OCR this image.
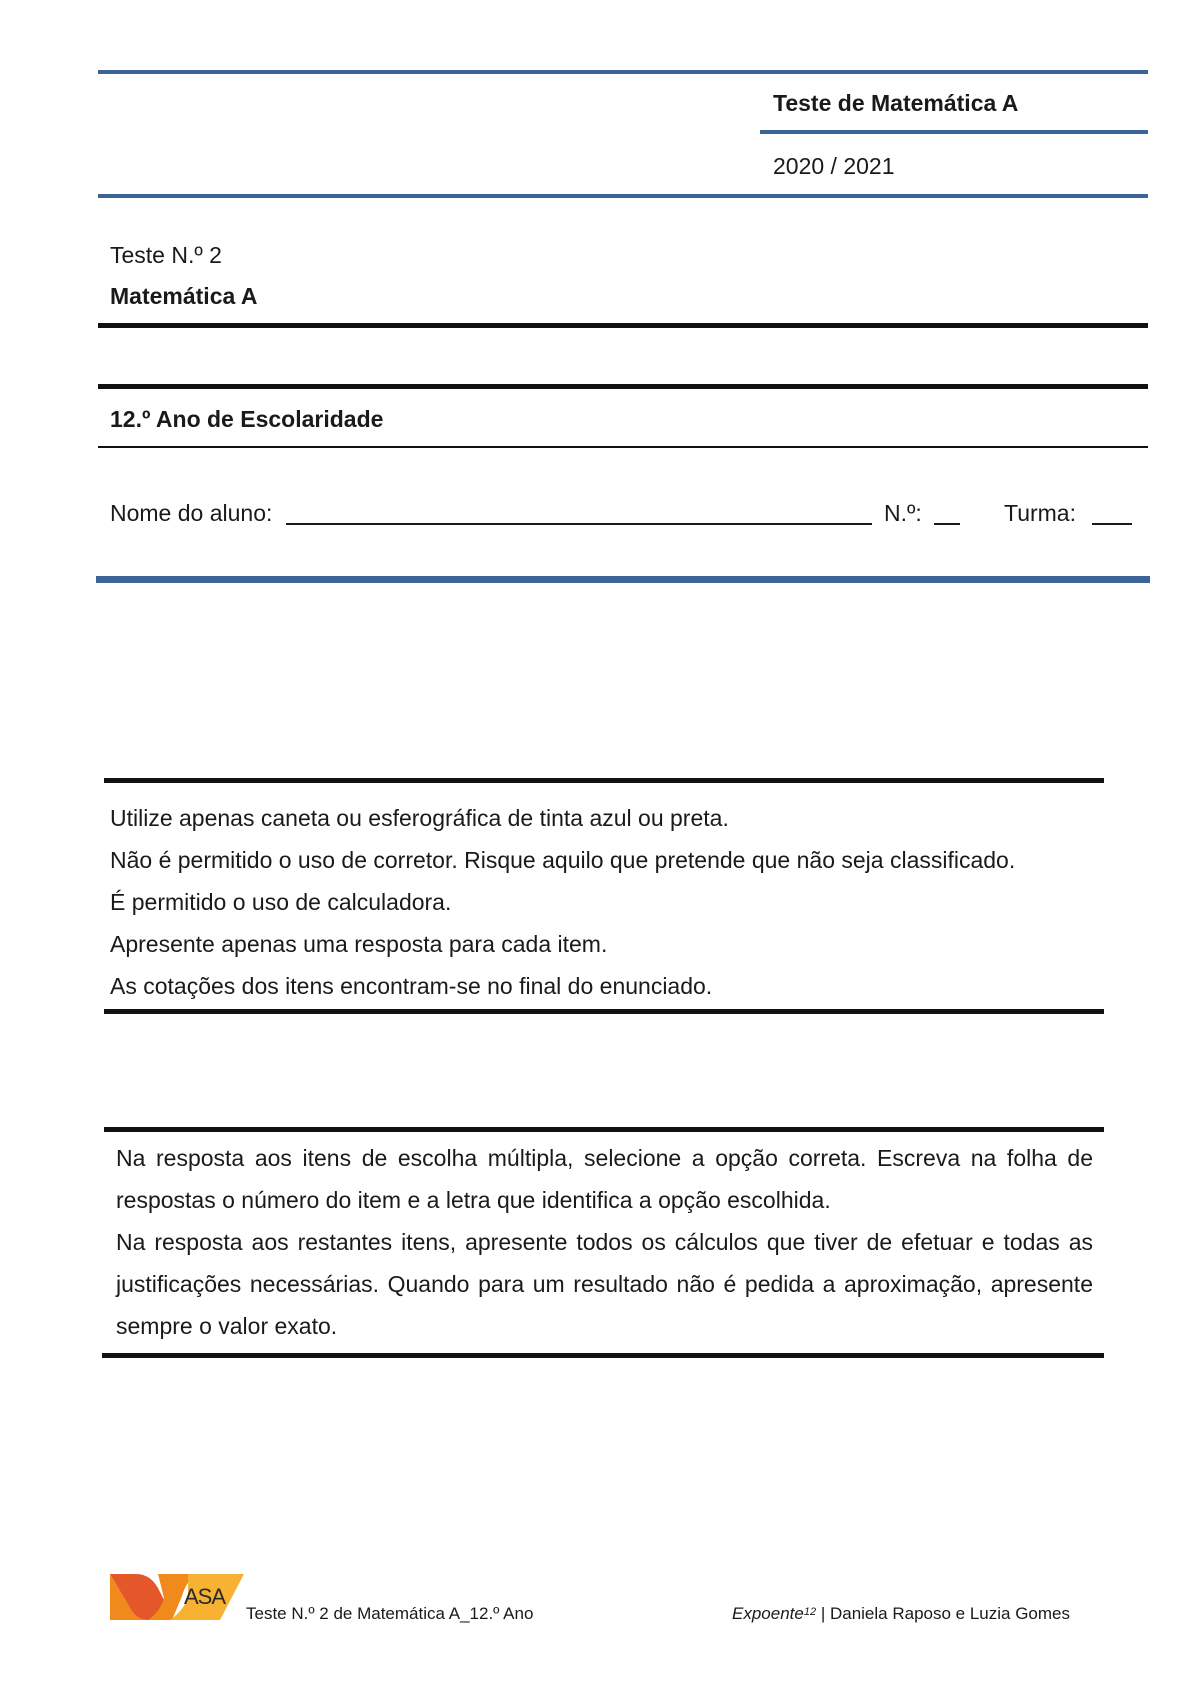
Teste de Matemática A
2020 / 2021
Teste N.º 2
Matemática A
12.º Ano de Escolaridade
Nome do aluno:	N.º:	Turma:
Utilize apenas caneta ou esferográfica de tinta azul ou preta.
Não é permitido o uso de corretor. Risque aquilo que pretende que não seja classificado.
É permitido o uso de calculadora.
Apresente apenas uma resposta para cada item.
As cotações dos itens encontram-se no final do enunciado.
Na resposta aos itens de escolha múltipla, selecione a opção correta. Escreva na folha de respostas o número do item e a letra que identifica a opção escolhida.
Na resposta aos restantes itens, apresente todos os cálculos que tiver de efetuar e todas as justificações necessárias. Quando para um resultado não é pedida a aproximação, apresente sempre o valor exato.
ASA
Teste N.º 2 de Matemática A_12.º Ano	Expoente$^{12}$ | Daniela Raposo e Luzia Gomes
